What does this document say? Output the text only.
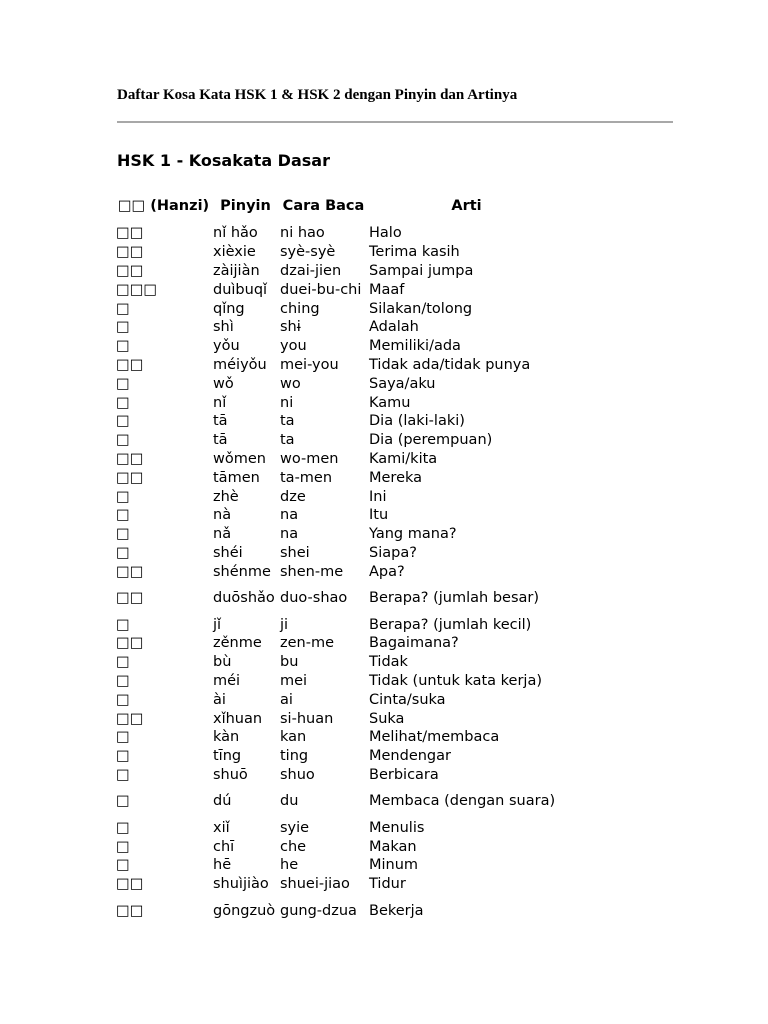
Daftar Kosa Kata HSK 1 & HSK 2 dengan Pinyin dan Artinya
HSK 1 - Kosakata Dasar
□□ (Hanzi)	Pinyin	Cara Baca	Arti
□□	nǐ hǎo	ni hao	Halo
□□	xièxie	syè-syè	Terima kasih
□□	zàijiàn	dzai-jien	Sampai jumpa
□□□	duìbuqǐ	duei-bu-chi	Maaf
□	qǐng	ching	Silakan/tolong
□	shì	shɨ	Adalah
□	yǒu	you	Memiliki/ada
□□	méiyǒu	mei-you	Tidak ada/tidak punya
□	wǒ	wo	Saya/aku
□	nǐ	ni	Kamu
□	tā	ta	Dia (laki-laki)
□	tā	ta	Dia (perempuan)
□□	wǒmen	wo-men	Kami/kita
□□	tāmen	ta-men	Mereka
□	zhè	dze	Ini
□	nà	na	Itu
□	nǎ	na	Yang mana?
□	shéi	shei	Siapa?
□□	shénme	shen-me	Apa?
□□	duōshǎo	duo-shao	Berapa? (jumlah besar)
□	jǐ	ji	Berapa? (jumlah kecil)
□□	zěnme	zen-me	Bagaimana?
□	bù	bu	Tidak
□	méi	mei	Tidak (untuk kata kerja)
□	ài	ai	Cinta/suka
□□	xǐhuan	si-huan	Suka
□	kàn	kan	Melihat/membaca
□	tīng	ting	Mendengar
□	shuō	shuo	Berbicara
□	dú	du	Membaca (dengan suara)
□	xiǐ	syie	Menulis
□	chī	che	Makan
□	hē	he	Minum
□□	shuìjiào	shuei-jiao	Tidur
□□	gōngzuò	gung-dzua	Bekerja
